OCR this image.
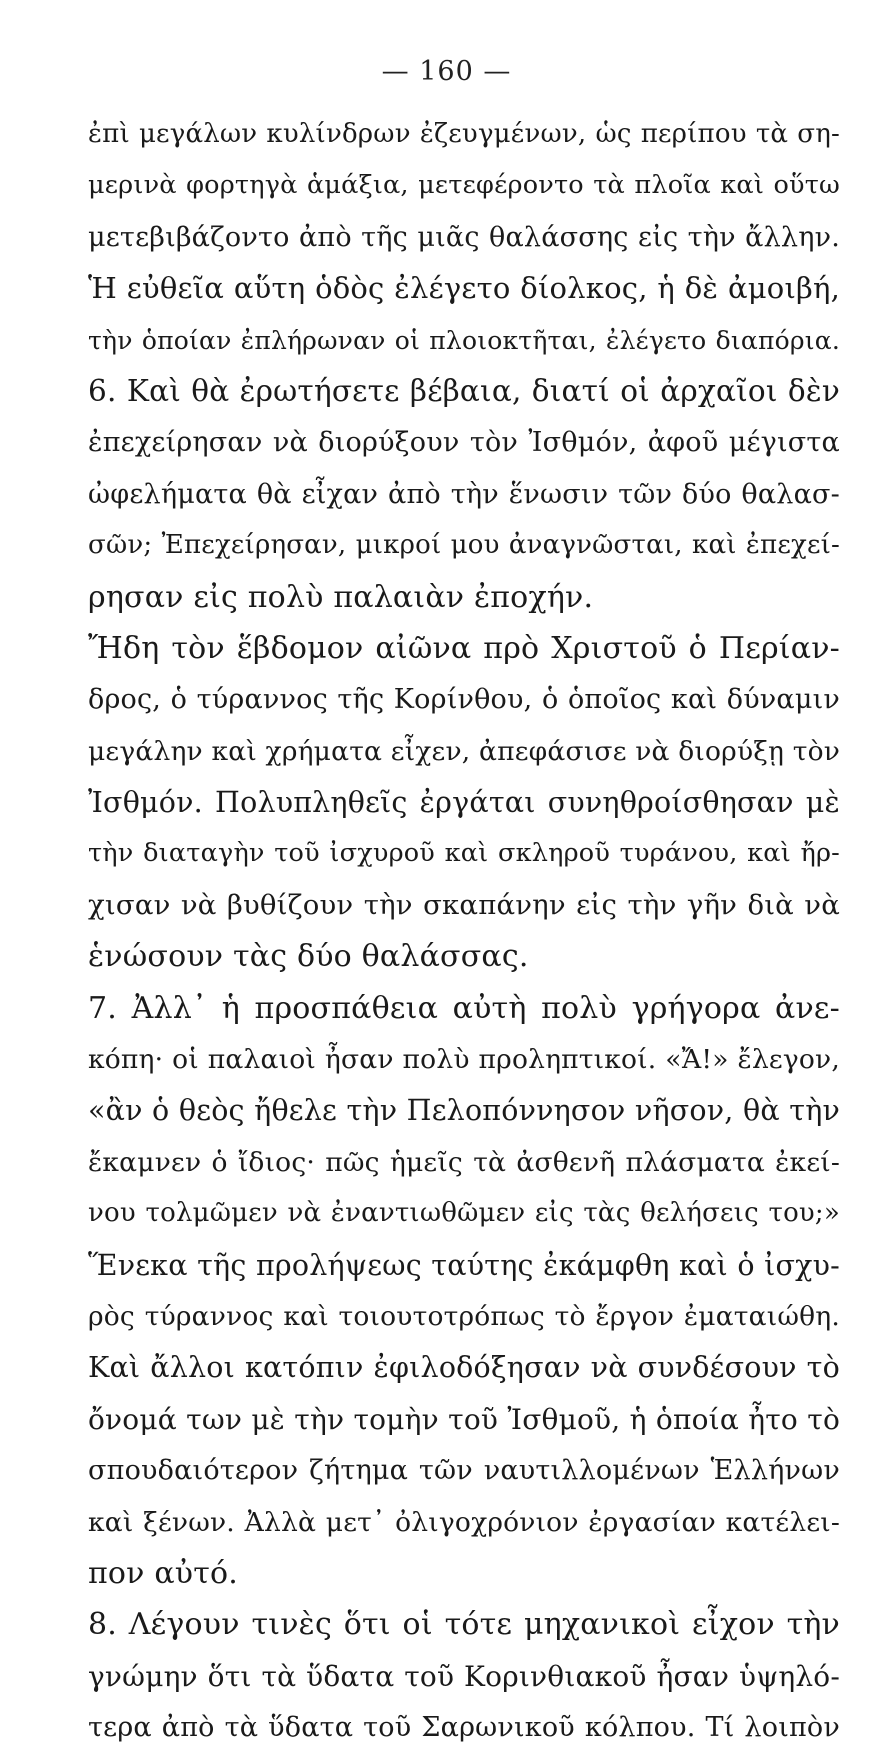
— 160 —
ἐπὶ μεγάλων κυλίνδρων ἐζευγμένων, ὡς περίπου τὰ ση-
μερινὰ φορτηγὰ ἁμάξια, μετεφέροντο τὰ πλοῖα καὶ οὕτω
μετεβιβάζοντο ἀπὸ τῆς μιᾶς θαλάσσης εἰς τὴν ἄλλην.
Ἡ εὐθεῖα αὕτη ὁδὸς ἐλέγετο δίολκος, ἡ δὲ ἀμοιβή,
τὴν ὁποίαν ἐπλήρωναν οἱ πλοιοκτῆται, ἐλέγετο διαπόρια.
6. Καὶ θὰ ἐρωτήσετε βέβαια, διατί οἱ ἀρχαῖοι δὲν
ἐπεχείρησαν νὰ διορύξουν τὸν Ἰσθμόν, ἀφοῦ μέγιστα
ὠφελήματα θὰ εἶχαν ἀπὸ τὴν ἕνωσιν τῶν δύο θαλασ-
σῶν; Ἐπεχείρησαν, μικροί μου ἀναγνῶσται, καὶ ἐπεχεί-
ρησαν εἰς πολὺ παλαιὰν ἐποχήν.
Ἤδη τὸν ἕβδομον αἰῶνα πρὸ Χριστοῦ ὁ Περίαν-
δρος, ὁ τύραννος τῆς Κορίνθου, ὁ ὁποῖος καὶ δύναμιν
μεγάλην καὶ χρήματα εἶχεν, ἀπεφάσισε νὰ διορύξῃ τὸν
Ἰσθμόν. Πολυπληθεῖς ἐργάται συνηθροίσθησαν μὲ
τὴν διαταγὴν τοῦ ἰσχυροῦ καὶ σκληροῦ τυράνου, καὶ ἤρ-
χισαν νὰ βυθίζουν τὴν σκαπάνην εἰς τὴν γῆν διὰ νὰ
ἑνώσουν τὰς δύο θαλάσσας.
7. Ἀλλ᾽ ἡ προσπάθεια αὐτὴ πολὺ γρήγορα ἀνε-
κόπη· οἱ παλαιοὶ ἦσαν πολὺ προληπτικοί. «Ἄ!» ἔλεγον,
«ἂν ὁ θεὸς ἤθελε τὴν Πελοπόννησον νῆσον, θὰ τὴν
ἔκαμνεν ὁ ἴδιος· πῶς ἡμεῖς τὰ ἀσθενῆ πλάσματα ἐκεί-
νου τολμῶμεν νὰ ἐναντιωθῶμεν εἰς τὰς θελήσεις του;»
Ἕνεκα τῆς προλήψεως ταύτης ἐκάμφθη καὶ ὁ ἰσχυ-
ρὸς τύραννος καὶ τοιουτοτρόπως τὸ ἔργον ἐματαιώθη.
Καὶ ἄλλοι κατόπιν ἐφιλοδόξησαν νὰ συνδέσουν τὸ
ὄνομά των μὲ τὴν τομὴν τοῦ Ἰσθμοῦ, ἡ ὁποία ἦτο τὸ
σπουδαιότερον ζήτημα τῶν ναυτιλλομένων Ἑλλήνων
καὶ ξένων. Ἀλλὰ μετ᾽ ὀλιγοχρόνιον ἐργασίαν κατέλει-
πον αὐτό.
8. Λέγουν τινὲς ὅτι οἱ τότε μηχανικοὶ εἶχον τὴν
γνώμην ὅτι τὰ ὕδατα τοῦ Κορινθιακοῦ ἦσαν ὑψηλό-
τερα ἀπὸ τὰ ὕδατα τοῦ Σαρωνικοῦ κόλπου. Τί λοιπὸν
